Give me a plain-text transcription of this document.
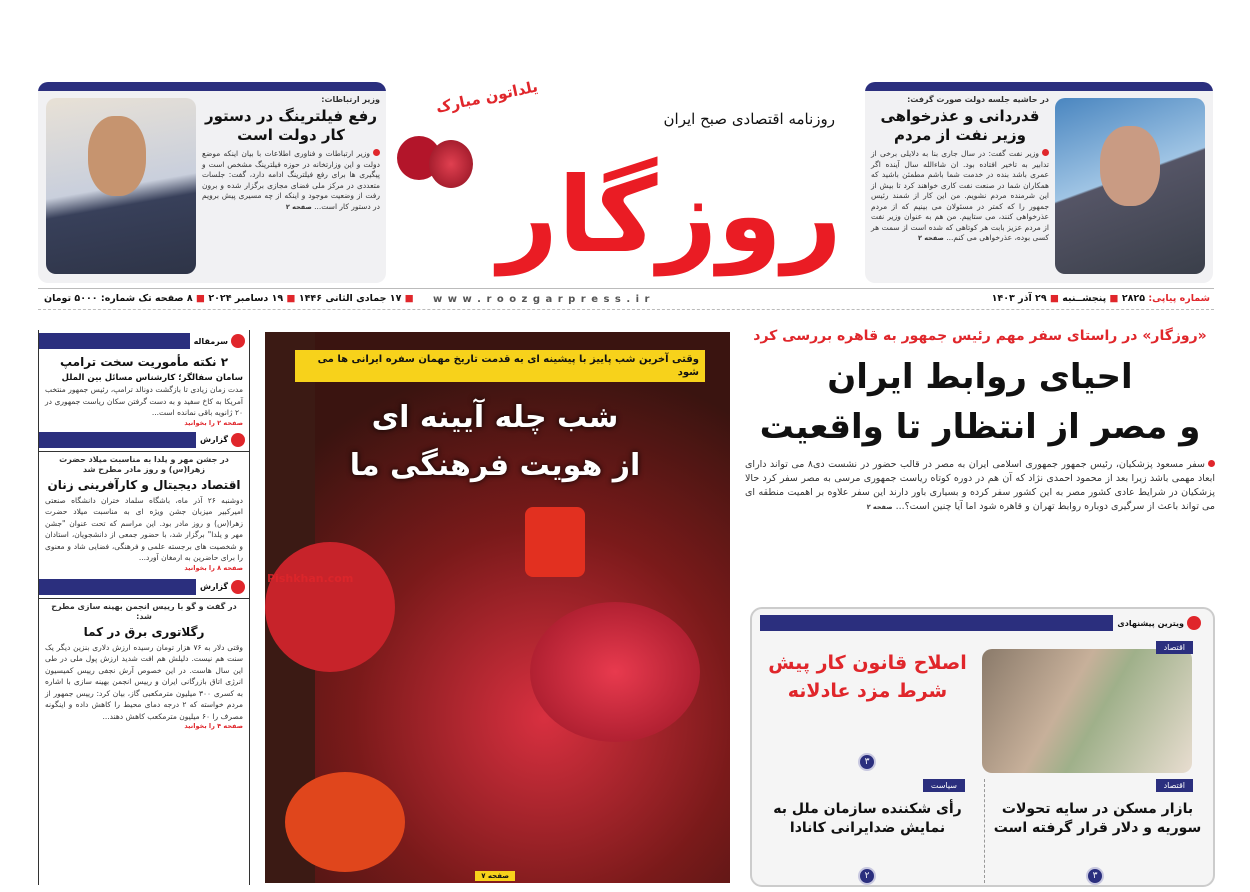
در حاشیه جلسه دولت صورت گرفت:
قدردانی و عذرخواهی وزیر نفت از مردم
وزیر نفت گفت: در سال جاری بنا به دلایلی برخی از تدابیر به تاخیر افتاده بود. ان شاءالله سال آینده اگر عمری باشد بنده در خدمت شما باشم مطمئن باشید که همکاران شما در صنعت نفت کاری خواهند کرد تا بیش از این شرمنده مردم نشویم. من این کار از شمند رئیس جمهور را که کمتر در مسئولان می بینیم که از مردم عذرخواهی کنند، می ستاییم. من هم به عنوان وزیر نفت از مردم عزیز بابت هر کوتاهی که شده است از سمت هر کسی بوده، عذرخواهی می کنم... صفحه ۲
وزیر ارتباطات:
رفع فیلترینگ در دستور کار دولت است
وزیر ارتباطات و فناوری اطلاعات با بیان اینکه موضع دولت و این وزارتخانه در حوزه فیلترینگ مشخص است و پیگیری ها برای رفع فیلترینگ ادامه دارد، گفت: جلسات متعددی در مرکز ملی فضای مجازی برگزار شده و برون رفت از وضعیت موجود و اینکه از چه مسیری پیش برویم در دستور کار است... صفحه ۲
روزنامه اقتصادی صبح ایران
یلداتون مبارک
روزگار
شماره پیاپی: ۲۸۲۵ ■ پنجشــنبه ■ ۲۹ آذر ۱۴۰۳
w w w . r o o z g a r p r e s s . i r
■ ۱۷ جمادی الثانی ۱۴۴۶ ■ ۱۹ دسامبر ۲۰۲۴ ■ ۸ صفحه تک شماره: ۵۰۰۰ تومان
«روزگار» در راستای سفر مهم رئیس جمهور به قاهره بررسی کرد
احیای روابط ایران
و مصر از انتظار تا واقعیت
سفر مسعود پزشکیان، رئیس جمهور جمهوری اسلامی ایران به مصر در قالب حضور در نشست دی۸ می تواند دارای ابعاد مهمی باشد زیرا بعد از محمود احمدی نژاد که آن هم در دوره کوتاه ریاست جمهوری مرسی به مصر سفر کرد حالا پزشکیان در شرایط عادی کشور مصر به این کشور سفر کرده و بسیاری باور دارند این سفر علاوه بر اهمیت منطقه ای می تواند باعث از سرگیری دوباره روابط تهران و قاهره شود اما آیا چنین است؟... صفحه ۲
ویترین پیشنهادی
اقتصاد
اصلاح قانون کار پیش شرط مزد عادلانه
۳
اقتصاد
بازار مسکن در سایه تحولات سوریه و دلار قرار گرفته است
۳
سیاست
رأی شکننده سازمان ملل به نمایش ضدایرانی کانادا
۲
وقتی آخرین شب پاییز با پیشینه ای به قدمت تاریخ مهمان سفره ایرانی ها می شود
شب چله آیینه ای
از هویت فرهنگی ما
Pishkhan.com
صفحه ۷
سرمقاله
۲ نکته مأموریت سخت ترامپ
سامان سفالگر؛ کارشناس مسائل بین الملل
مدت زمان زیادی تا بازگشت دونالد ترامپ، رئیس جمهور منتخب آمریکا به کاخ سفید و به دست گرفتن سکان ریاست جمهوری در ۲۰ ژانویه باقی نمانده است...
صفحه ۲ را بخوانید
گزارش
در جشن مهر و یلدا به مناسبت میلاد حضرت زهرا(س) و روز مادر مطرح شد
اقتصاد دیجیتال و کارآفرینی زنان
دوشنبه ۲۶ آذر ماه، باشگاه سلماد ختران دانشگاه صنعتی امیرکبیر میزبان جشن ویژه ای به مناسبت میلاد حضرت زهرا(س) و روز مادر بود. این مراسم که تحت عنوان "جشن مهر و یلدا" برگزار شد، با حضور جمعی از دانشجویان، استادان و شخصیت های برجسته علمی و فرهنگی، فضایی شاد و معنوی را برای حاضرین به ارمغان آورد...
صفحه ۸ را بخوانید
گزارش
در گفت و گو با رییس انجمن بهینه سازی مطرح شد:
رگلاتوری برق در کما
وقتی دلار به ۷۶ هزار تومان رسیده ارزش دلاری بنزین دیگر یک سنت هم نیست. دلیلش هم افت شدید ارزش پول ملی در طی این سال هاست. در این خصوص آرش نجفی رییس کمیسیون انرژی اتاق بازرگانی ایران و رییس انجمن بهینه سازی با اشاره به کسری ۳۰۰ میلیون مترمکعبی گاز، بیان کرد: رییس جمهور از مردم خواسته که ۲ درجه دمای محیط را کاهش داده و اینگونه مصرف را ۶۰ میلیون مترمکعب کاهش دهند...
صفحه ۴ را بخوانید
